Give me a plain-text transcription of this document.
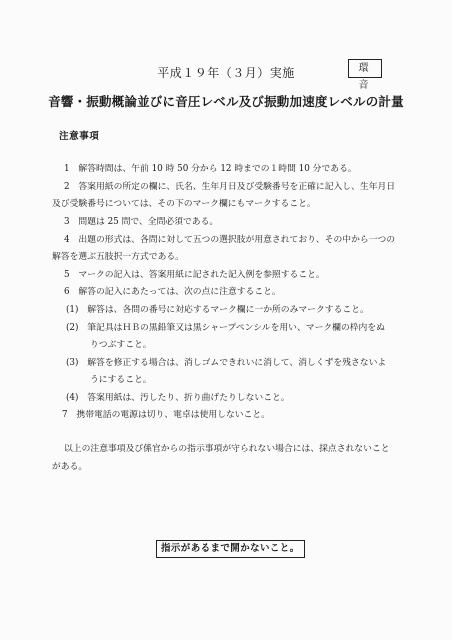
平成１９年（３月）実施	環 音
音響・振動概論並びに音圧レベル及び振動加速度レベルの計量
注意事項
1　解答時間は、午前 10 時 50 分から 12 時までの１時間 10 分である。
2　答案用紙の所定の欄に、氏名、生年月日及び受験番号を正確に記入し、生年月日
及び受験番号については、その下のマーク欄にもマークすること。
3　問題は 25 問で、全問必須である。
4　出題の形式は、各問に対して五つの選択肢が用意されており、その中から一つの
解答を選ぶ五肢択一方式である。
5　マークの記入は、答案用紙に記された記入例を参照すること。
6　解答の記入にあたっては、次の点に注意すること。
(1)　解答は、各問の番号に対応するマーク欄に一か所のみマークすること。
(2)　筆記具はＨＢの黒鉛筆又は黒シャープペンシルを用い、マーク欄の枠内をぬ
りつぶすこと。
(3)　解答を修正する場合は、消しゴムできれいに消して、消しくずを残さないよ
うにすること。
(4)　答案用紙は、汚したり、折り曲げたりしないこと。
7　携帯電話の電源は切り、電卓は使用しないこと。
以上の注意事項及び係官からの指示事項が守られない場合には、採点されないこと
がある。
指示があるまで開かないこと。
